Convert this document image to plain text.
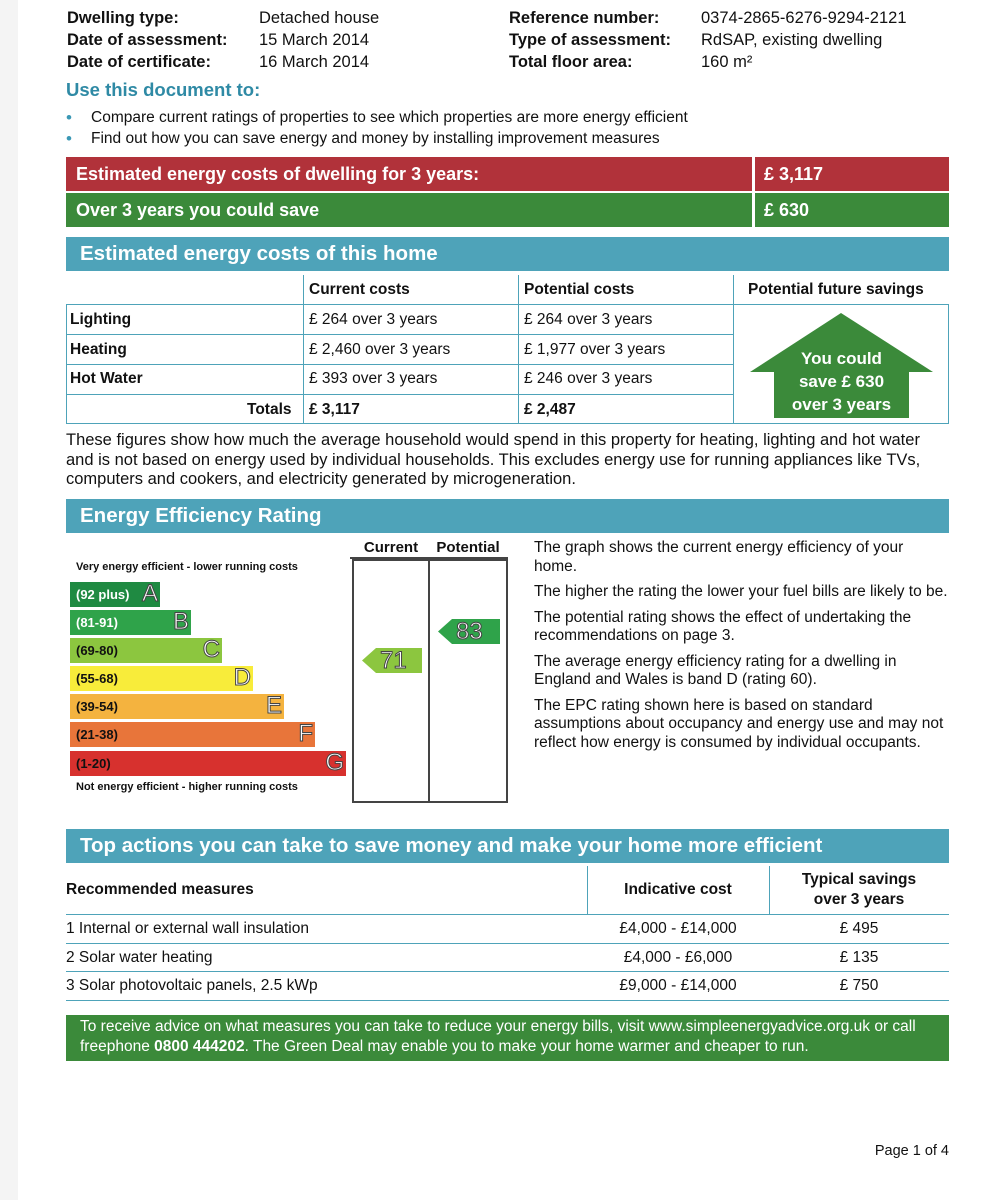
Dwelling type:	Detached house	Reference number:	0374-2865-6276-9294-2121
Date of assessment: 15 March 2014	Type of assessment: RdSAP, existing dwelling
Date of certificate:	16 March 2014	Total floor area:	160 m²
Use this document to:
• Compare current ratings of properties to see which properties are more energy efficient
• Find out how you can save energy and money by installing improvement measures
Estimated energy costs of dwelling for 3 years:	£ 3,117
Over 3 years you could save	£ 630
Estimated energy costs of this home
Current costs	Potential costs	Potential future savings
Lighting	£ 264 over 3 years	£ 264 over 3 years
Heating	£ 2,460 over 3 years	£ 1,977 over 3 years
Hot Water	£ 393 over 3 years	£ 246 over 3 years
Totals £ 3,117	£ 2,487
You could
save £ 630
over 3 years
These figures show how much the average household would spend in this property for heating, lighting and hot water and is not based on energy used by individual households. This excludes energy use for running appliances like TVs, computers and cookers, and electricity generated by microgeneration.
Energy Efficiency Rating
Very energy efficient - lower running costs
(92 plus) A
(81-91) B
(69-80)	C
(55-68)	D
(39-54)	E
(21-38)	F
(1-20)	G
Not energy efficient - higher running costs
Current	Potential
71
83

The graph shows the current energy efficiency of your home.

The higher the rating the lower your fuel bills are likely to be.

The potential rating shows the effect of undertaking the recommendations on page 3.

The average energy efficiency rating for a dwelling in England and Wales is band D (rating 60).

The EPC rating shown here is based on standard assumptions about occupancy and energy use and may not reflect how energy is consumed by individual occupants.

Top actions you can take to save money and make your home more efficient
Recommended measures	Indicative cost
Typical savings
over 3 years
1 Internal or external wall insulation	£4,000 - £14,000	£ 495
2 Solar water heating	£4,000 - £6,000	£ 135
3 Solar photovoltaic panels, 2.5 kWp	£9,000 - £14,000	£ 750
To receive advice on what measures you can take to reduce your energy bills, visit www.simpleenergyadvice.org.uk or call freephone 0800 444202. The Green Deal may enable you to make your home warmer and cheaper to run.
Page 1 of 4
